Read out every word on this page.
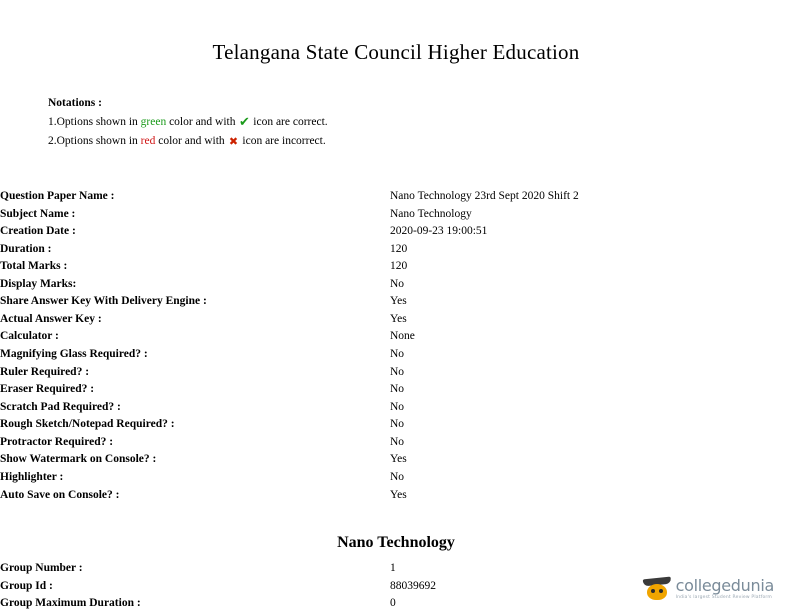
Telangana State Council Higher Education
Notations :
1.Options shown in green color and with ✔ icon are correct.
2.Options shown in red color and with ✖ icon are incorrect.
Question Paper Name :	Nano Technology 23rd Sept 2020 Shift 2
Subject Name :	Nano Technology
Creation Date :	2020-09-23 19:00:51
Duration :	120
Total Marks :	120
Display Marks:	No
Share Answer Key With Delivery Engine :	Yes
Actual Answer Key :	Yes
Calculator :	None
Magnifying Glass Required? :	No
Ruler Required? :	No
Eraser Required? :	No
Scratch Pad Required? :	No
Rough Sketch/Notepad Required? :	No
Protractor Required? :	No
Show Watermark on Console? :	Yes
Highlighter :	No
Auto Save on Console? :	Yes
Nano Technology
Group Number :	1
Group Id :	88039692
Group Maximum Duration :	0
collegedunia
India's largest Student Review Platform
